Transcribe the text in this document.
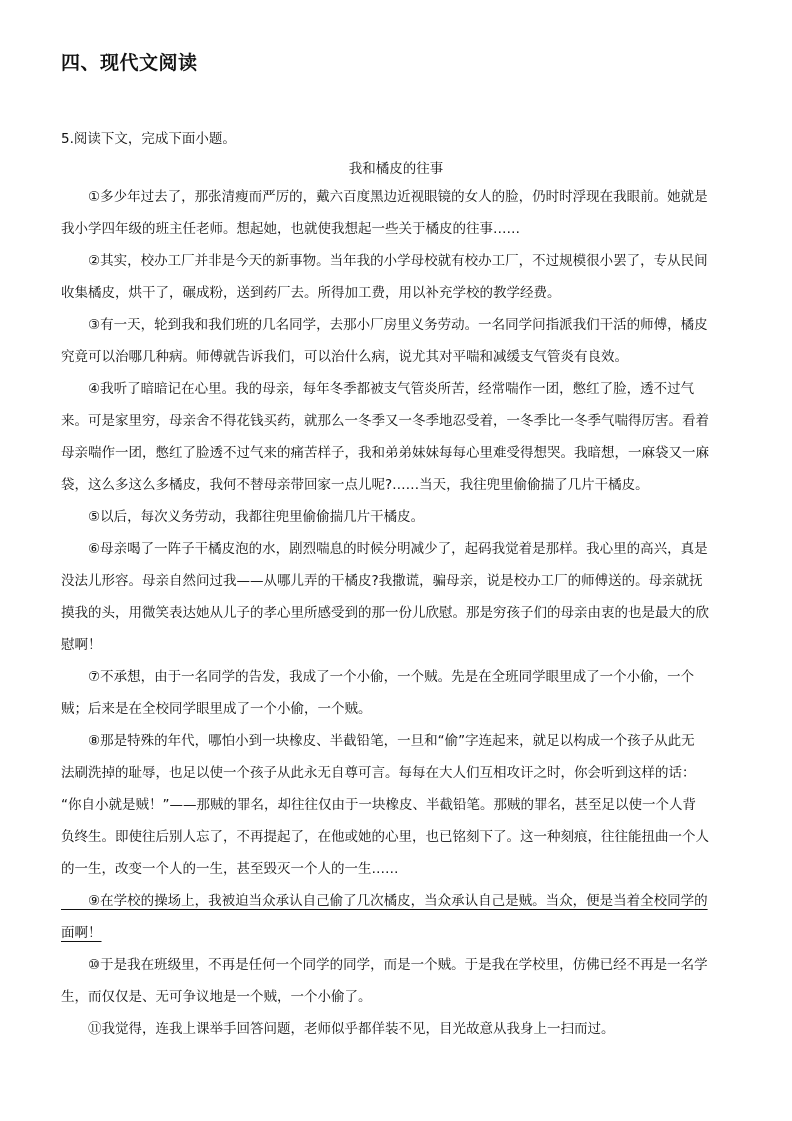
四、现代文阅读

5.阅读下文，完成下面小题。

我和橘皮的往事

　　①多少年过去了，那张清瘦而严厉的，戴六百度黑边近视眼镜的女人的脸，仍时时浮现在我眼前。她就是
我小学四年级的班主任老师。想起她，也就使我想起一些关于橘皮的往事……
　　②其实，校办工厂并非是今天的新事物。当年我的小学母校就有校办工厂，不过规模很小罢了，专从民间
收集橘皮，烘干了，碾成粉，送到药厂去。所得加工费，用以补充学校的教学经费。
　　③有一天，轮到我和我们班的几名同学，去那小厂房里义务劳动。一名同学问指派我们干活的师傅，橘皮
究竟可以治哪几种病。师傅就告诉我们，可以治什么病，说尤其对平喘和减缓支气管炎有良效。
　　④我听了暗暗记在心里。我的母亲，每年冬季都被支气管炎所苦，经常喘作一团，憋红了脸，透不过气
来。可是家里穷，母亲舍不得花钱买药，就那么一冬季又一冬季地忍受着，一冬季比一冬季气喘得厉害。看着
母亲喘作一团，憋红了脸透不过气来的痛苦样子，我和弟弟妹妹每每心里难受得想哭。我暗想，一麻袋又一麻
袋，这么多这么多橘皮，我何不替母亲带回家一点儿呢?……当天，我往兜里偷偷揣了几片干橘皮。
　　⑤以后，每次义务劳动，我都往兜里偷偷揣几片干橘皮。
　　⑥母亲喝了一阵子干橘皮泡的水，剧烈喘息的时候分明减少了，起码我觉着是那样。我心里的高兴，真是
没法儿形容。母亲自然问过我——从哪儿弄的干橘皮?我撒谎，骗母亲，说是校办工厂的师傅送的。母亲就抚
摸我的头，用微笑表达她从儿子的孝心里所感受到的那一份儿欣慰。那是穷孩子们的母亲由衷的也是最大的欣
慰啊！
　　⑦不承想，由于一名同学的告发，我成了一个小偷，一个贼。先是在全班同学眼里成了一个小偷，一个
贼；后来是在全校同学眼里成了一个小偷，一个贼。
　　⑧那是特殊的年代，哪怕小到一块橡皮、半截铅笔，一旦和“偷”字连起来，就足以构成一个孩子从此无
法刷洗掉的耻辱，也足以使一个孩子从此永无自尊可言。每每在大人们互相攻讦之时，你会听到这样的话：
“你自小就是贼！”——那贼的罪名，却往往仅由于一块橡皮、半截铅笔。那贼的罪名，甚至足以使一个人背
负终生。即使往后别人忘了，不再提起了，在他或她的心里，也已铭刻下了。这一种刻痕，往往能扭曲一个人
的一生，改变一个人的一生，甚至毁灭一个人的一生……
　　⑨在学校的操场上，我被迫当众承认自己偷了几次橘皮，当众承认自己是贼。当众，便是当着全校同学的
面啊！
　　⑩于是我在班级里，不再是任何一个同学的同学，而是一个贼。于是我在学校里，仿佛已经不再是一名学
生，而仅仅是、无可争议地是一个贼，一个小偷了。
　　⑪我觉得，连我上课举手回答问题，老师似乎都佯装不见，目光故意从我身上一扫而过。
